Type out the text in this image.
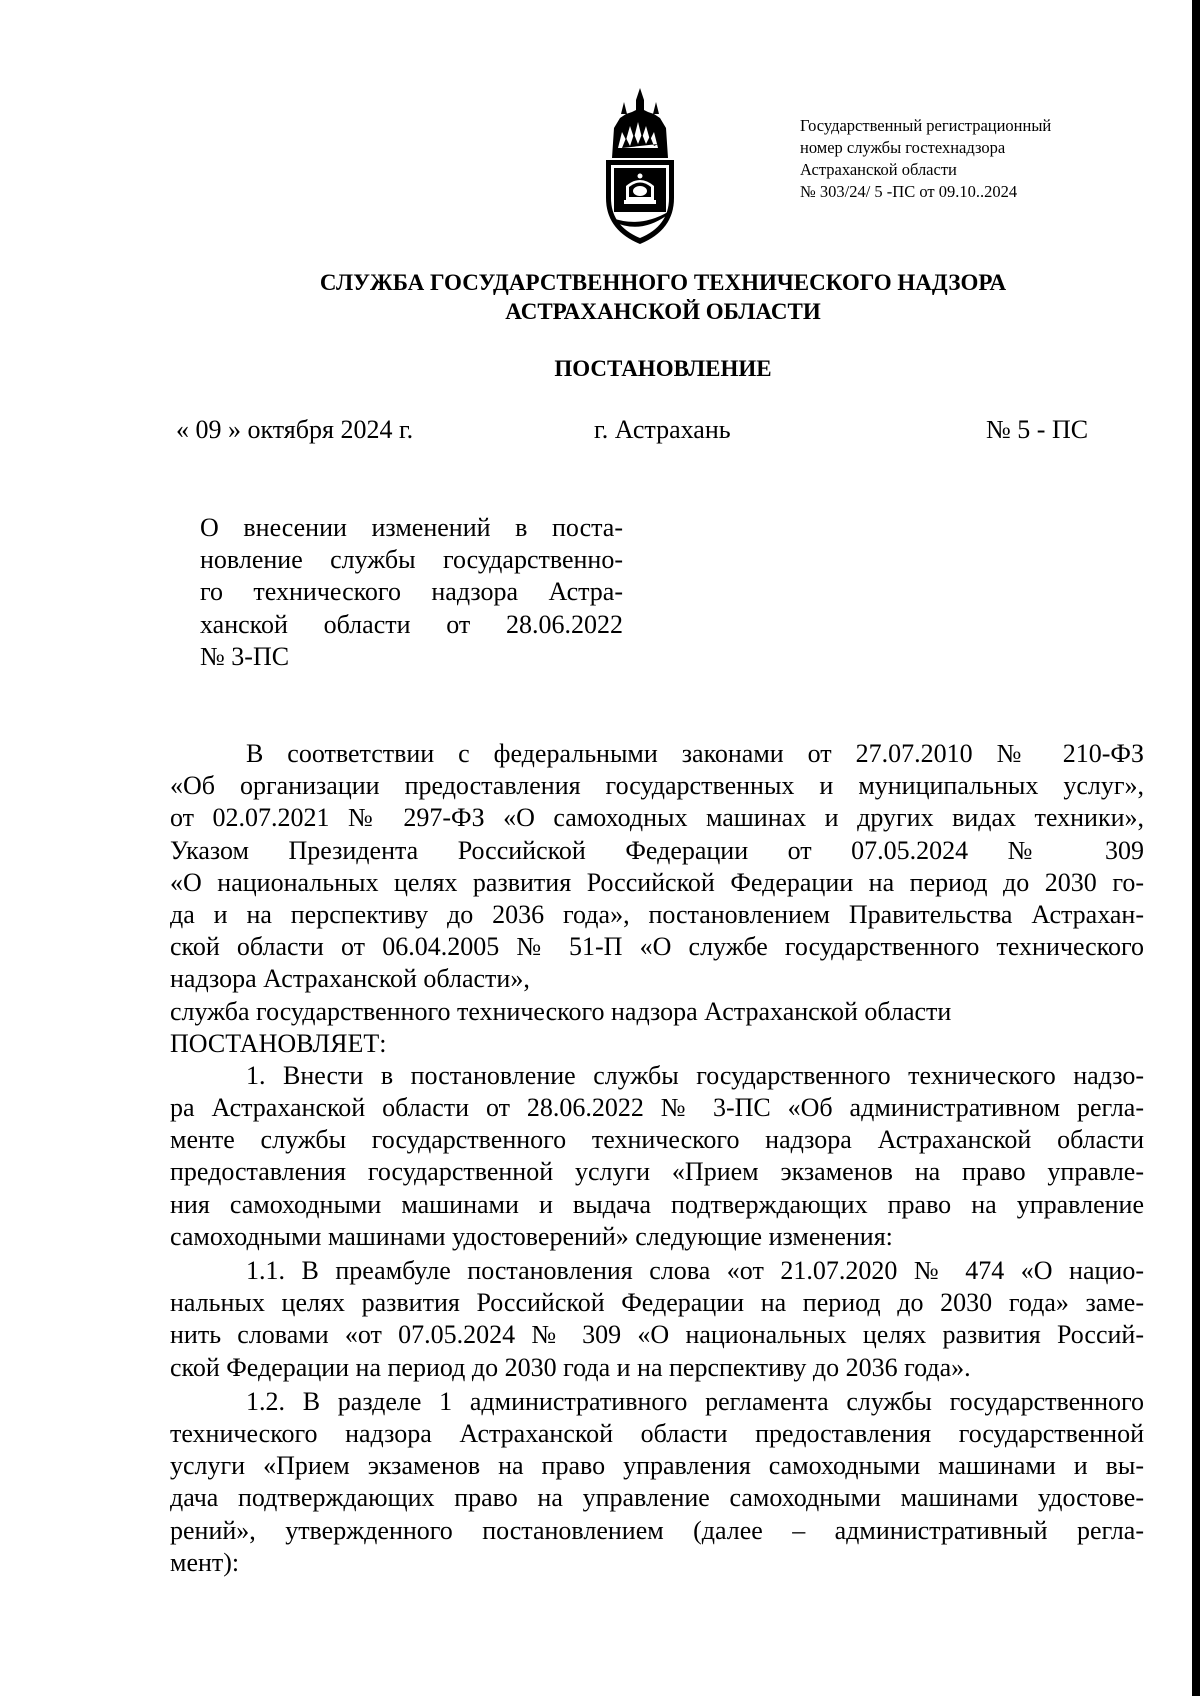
Государственный регистрационный
номер службы гостехнадзора
Астраханской области
№ 303/24/ 5 -ПС от 09.10..2024
СЛУЖБА ГОСУДАРСТВЕННОГО ТЕХНИЧЕСКОГО НАДЗОРА
АСТРАХАНСКОЙ ОБЛАСТИ
ПОСТАНОВЛЕНИЕ
« 09 » октября 2024 г.	г. Астрахань	№ 5 - ПС
О внесении изменений в поста-
новление службы государственно-
го технического надзора Астра-
ханской области от 28.06.2022
№ 3-ПС
В соответствии с федеральными законами от 27.07.2010 № 210-ФЗ
«Об организации предоставления государственных и муниципальных услуг»,
от 02.07.2021 № 297-ФЗ «О самоходных машинах и других видах техники»,
Указом Президента Российской Федерации от 07.05.2024 № 309
«О национальных целях развития Российской Федерации на период до 2030 го-
да и на перспективу до 2036 года», постановлением Правительства Астрахан-
ской области от 06.04.2005 № 51-П «О службе государственного технического
надзора Астраханской области»,
служба государственного технического надзора Астраханской области
ПОСТАНОВЛЯЕТ:
1. Внести в постановление службы государственного технического надзо-
ра Астраханской области от 28.06.2022 № 3-ПС «Об административном регла-
менте службы государственного технического надзора Астраханской области
предоставления государственной услуги «Прием экзаменов на право управле-
ния самоходными машинами и выдача подтверждающих право на управление
самоходными машинами удостоверений» следующие изменения:
1.1. В преамбуле постановления слова «от 21.07.2020 № 474 «О нацио-
нальных целях развития Российской Федерации на период до 2030 года» заме-
нить словами «от 07.05.2024 № 309 «О национальных целях развития Россий-
ской Федерации на период до 2030 года и на перспективу до 2036 года».
1.2. В разделе 1 административного регламента службы государственного
технического надзора Астраханской области предоставления государственной
услуги «Прием экзаменов на право управления самоходными машинами и вы-
дача подтверждающих право на управление самоходными машинами удостове-
рений», утвержденного постановлением (далее – административный регла-
мент):
